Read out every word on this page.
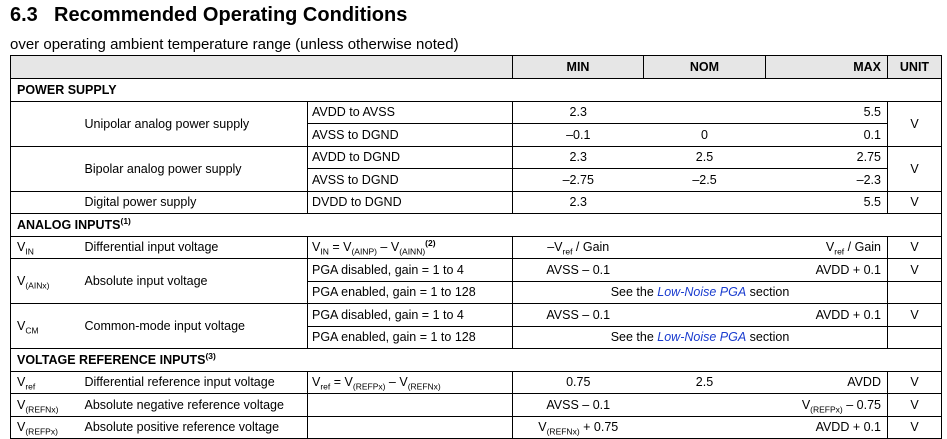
6.3 Recommended Operating Conditions
over operating ambient temperature range (unless otherwise noted)
			MIN	NOM	MAX	UNIT
POWER SUPPLY						
	Unipolar analog power supply	AVDD to AVSS	2.3		5.5	V
		AVSS to DGND	–0.1	0	0.1	
	Bipolar analog power supply	AVDD to DGND	2.3	2.5	2.75	V
		AVSS to DGND	–2.75	–2.5	–2.3	
	Digital power supply	DVDD to DGND	2.3		5.5	V
ANALOG INPUTS$^{(1)}$
$V_{IN}$	Differential input voltage	$V_{IN} = V_{(AINP)} - V_{(AINN)}^{(2)}$	$-V_{ref}$ / Gain		$V_{ref}$ / Gain	V
$V_{(AINx)}$	Absolute input voltage	PGA disabled, gain = 1 to 4	AVSS – 0.1		AVDD + 0.1	V
		PGA enabled, gain = 1 to 128	See the Low-Noise PGA section			
$V_{CM}$	Common-mode input voltage	PGA disabled, gain = 1 to 4	AVSS – 0.1		AVDD + 0.1	V
		PGA enabled, gain = 1 to 128	See the Low-Noise PGA section			
VOLTAGE REFERENCE INPUTS$^{(3)}$
$V_{ref}$	Differential reference input voltage	$V_{ref} = V_{(REFPx)} - V_{(REFNx)}$	0.75	2.5	AVDD	V
$V_{(REFNx)}$	Absolute negative reference voltage		AVSS – 0.1		$V_{(REFPx)} - 0.75$	V
$V_{(REFPx)}$	Absolute positive reference voltage		$V_{(REFNx)} + 0.75$		AVDD + 0.1	V
